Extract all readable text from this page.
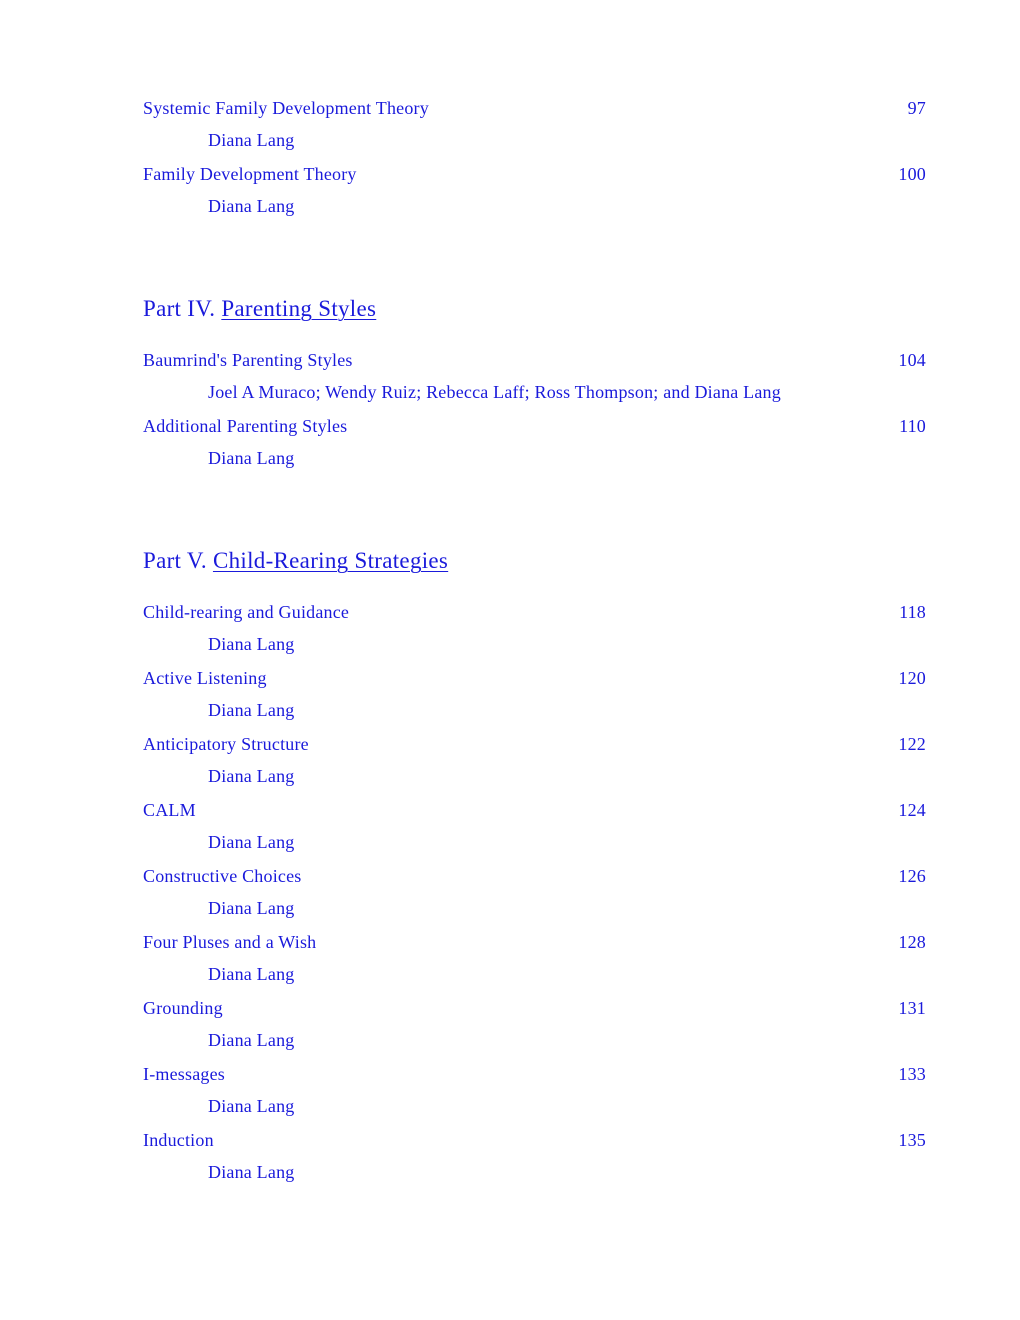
Systemic Family Development Theory	97
Diana Lang
Family Development Theory	100
Diana Lang
Part IV. Parenting Styles
Baumrind's Parenting Styles	104
Joel A Muraco; Wendy Ruiz; Rebecca Laff; Ross Thompson; and Diana Lang
Additional Parenting Styles	110
Diana Lang
Part V. Child-Rearing Strategies
Child-rearing and Guidance	118
Diana Lang
Active Listening	120
Diana Lang
Anticipatory Structure	122
Diana Lang
CALM	124
Diana Lang
Constructive Choices	126
Diana Lang
Four Pluses and a Wish	128
Diana Lang
Grounding	131
Diana Lang
I-messages	133
Diana Lang
Induction	135
Diana Lang
